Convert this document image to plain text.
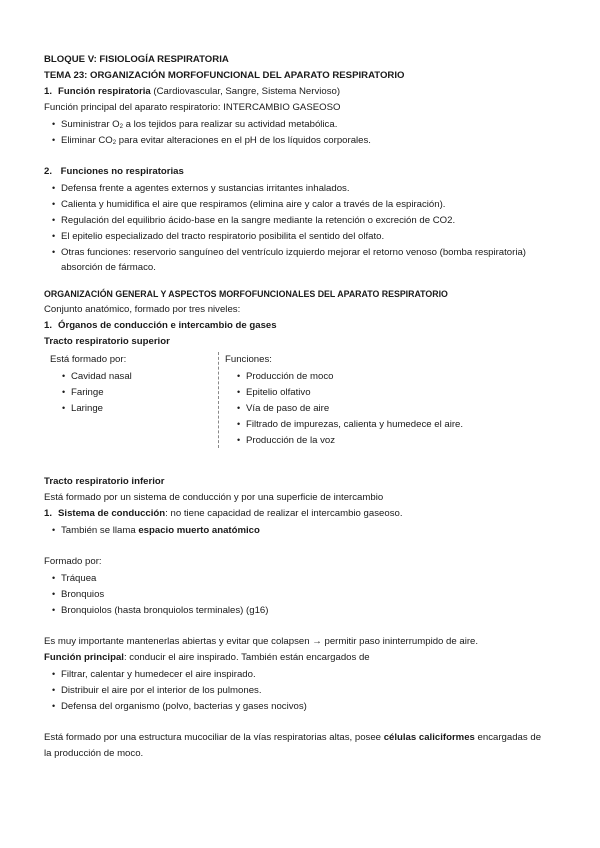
BLOQUE V: FISIOLOGÍA RESPIRATORIA
TEMA 23: ORGANIZACIÓN MORFOFUNCIONAL DEL APARATO RESPIRATORIO
1. Función respiratoria (Cardiovascular, Sangre, Sistema Nervioso)
Función principal del aparato respiratorio: INTERCAMBIO GASEOSO
• Suministrar $O_2$ a los tejidos para realizar su actividad metabólica.
• Eliminar $CO_2$ para evitar alteraciones en el pH de los líquidos corporales.
2. Funciones no respiratorias
• Defensa frente a agentes externos y sustancias irritantes inhalados.
• Calienta y humidifica el aire que respiramos (elimina aire y calor a través de la espiración).
• Regulación del equilibrio ácido-base en la sangre mediante la retención o excreción de CO2.
• El epitelio especializado del tracto respiratorio posibilita el sentido del olfato.
• Otras funciones: reservorio sanguíneo del ventrículo izquierdo mejorar el retorno venoso (bomba respiratoria)
absorción de fármaco.
ORGANIZACIÓN GENERAL Y ASPECTOS MORFOFUNCIONALES DEL APARATO RESPIRATORIO
Conjunto anatómico, formado por tres niveles:
1. Órganos de conducción e intercambio de gases
Tracto respiratorio superior
Está formado por:
• Cavidad nasal
• Faringe
• Laringe
Funciones:
• Producción de moco
• Epitelio olfativo
• Vía de paso de aire
• Filtrado de impurezas, calienta y humedece el aire.
• Producción de la voz
Tracto respiratorio inferior
Está formado por un sistema de conducción y por una superficie de intercambio
1. Sistema de conducción: no tiene capacidad de realizar el intercambio gaseoso.
• También se llama espacio muerto anatómico
Formado por:
• Tráquea
• Bronquios
• Bronquiolos (hasta bronquiolos terminales) (g16)
Es muy importante mantenerlas abiertas y evitar que colapsen → permitir paso ininterrumpido de aire.
Función principal: conducir el aire inspirado. También están encargados de
• Filtrar, calentar y humedecer el aire inspirado.
• Distribuir el aire por el interior de los pulmones.
• Defensa del organismo (polvo, bacterias y gases nocivos)
Está formado por una estructura mucociliar de la vías respiratorias altas, posee células caliciformes encargadas de
la producción de moco.
